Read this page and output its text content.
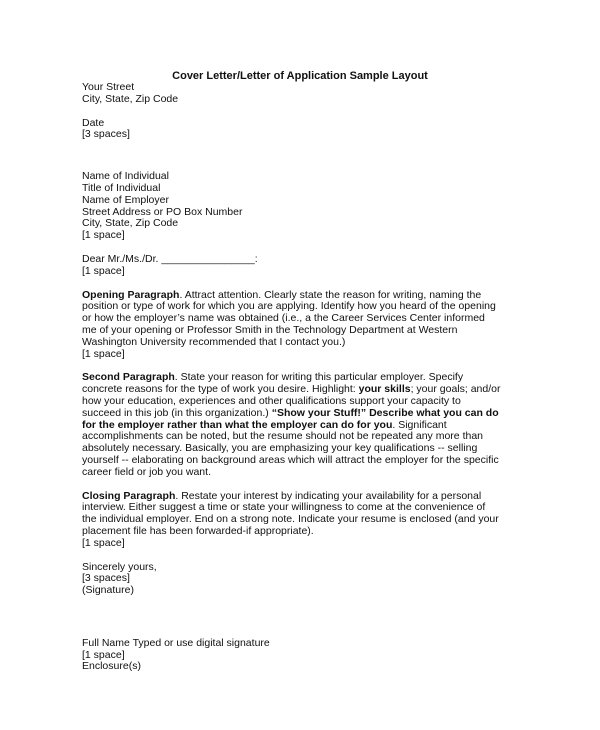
Cover Letter/Letter of Application Sample Layout
Your Street
City, State, Zip Code
Date
[3 spaces]
Name of Individual
Title of Individual
Name of Employer
Street Address or PO Box Number
City, State, Zip Code
[1 space]
Dear Mr./Ms./Dr. ________________:
[1 space]
Opening Paragraph. Attract attention. Clearly state the reason for writing, naming the position or type of work for which you are applying. Identify how you heard of the opening or how the employer’s name was obtained (i.e., a the Career Services Center informed me of your opening or Professor Smith in the Technology Department at Western Washington University recommended that I contact you.)
[1 space]
Second Paragraph. State your reason for writing this particular employer. Specify concrete reasons for the type of work you desire. Highlight: your skills; your goals; and/or how your education, experiences and other qualifications support your capacity to succeed in this job (in this organization.) “Show your Stuff!” Describe what you can do for the employer rather than what the employer can do for you. Significant accomplishments can be noted, but the resume should not be repeated any more than absolutely necessary. Basically, you are emphasizing your key qualifications -- selling yourself -- elaborating on background areas which will attract the employer for the specific career field or job you want.
Closing Paragraph. Restate your interest by indicating your availability for a personal interview. Either suggest a time or state your willingness to come at the convenience of the individual employer. End on a strong note. Indicate your resume is enclosed (and your placement file has been forwarded-if appropriate).
[1 space]
Sincerely yours,
[3 spaces]
(Signature)
Full Name Typed or use digital signature
[1 space]
Enclosure(s)
